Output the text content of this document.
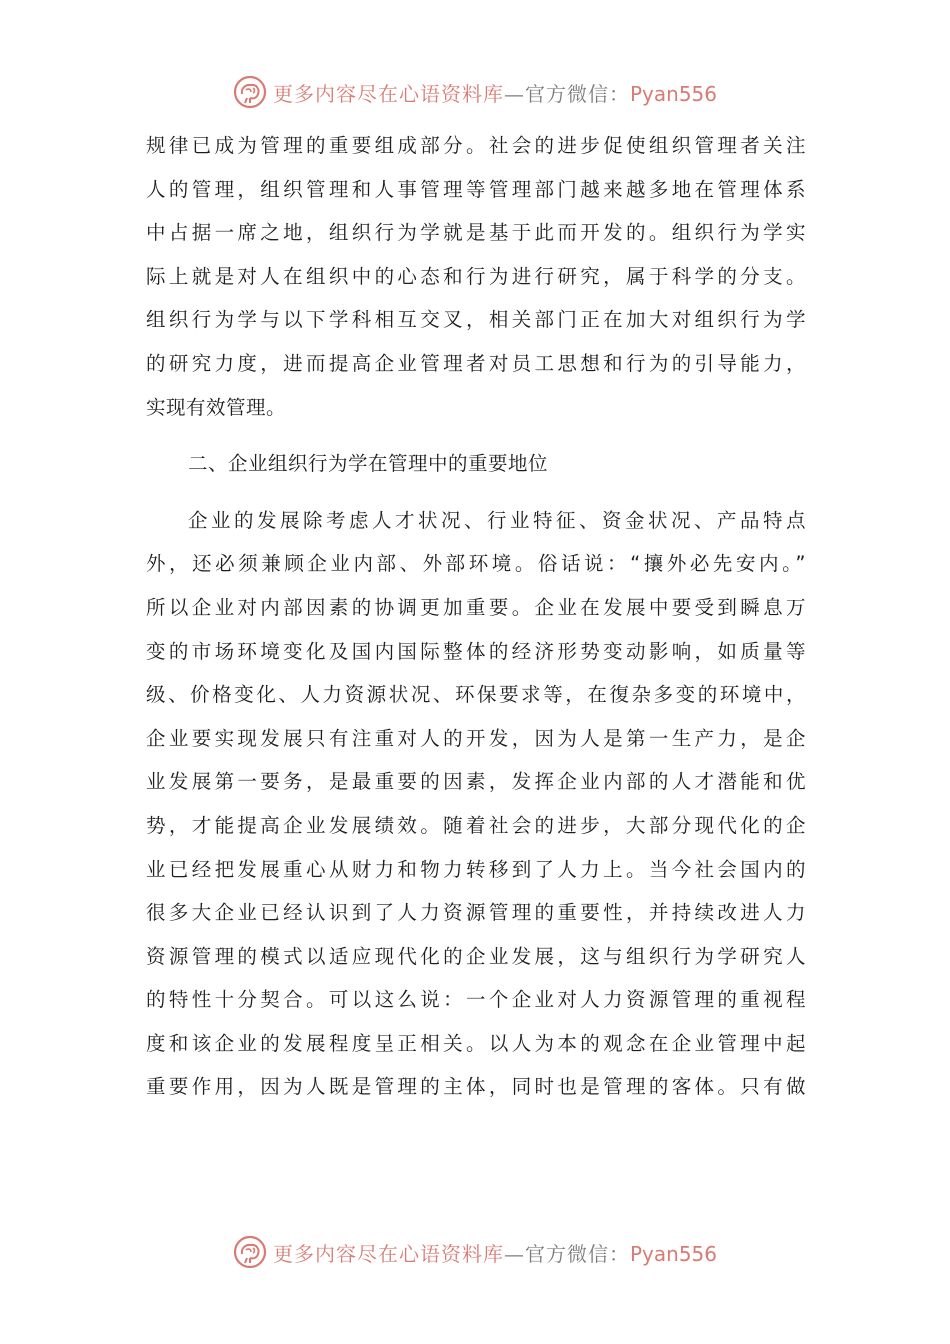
更多内容尽在心语资料库—官方微信：Pyan556
规律已成为管理的重要组成部分。社会的进步促使组织管理者关注
人的管理，组织管理和人事管理等管理部门越来越多地在管理体系
中占据一席之地，组织行为学就是基于此而开发的。组织行为学实
际上就是对人在组织中的心态和行为进行研究，属于科学的分支。
组织行为学与以下学科相互交叉，相关部门正在加大对组织行为学
的研究力度，进而提高企业管理者对员工思想和行为的引导能力，
实现有效管理。
二、企业组织行为学在管理中的重要地位
企业的发展除考虑人才状况、行业特征、资金状况、产品特点
外，还必须兼顾企业内部、外部环境。俗话说：“攘外必先安内。”
所以企业对内部因素的协调更加重要。企业在发展中要受到瞬息万
变的市场环境变化及国内国际整体的经济形势变动影响，如质量等
级、价格变化、人力资源状况、环保要求等，在復杂多变的环境中，
企业要实现发展只有注重对人的开发，因为人是第一生产力，是企
业发展第一要务，是最重要的因素，发挥企业内部的人才潜能和优
势，才能提高企业发展绩效。随着社会的进步，大部分现代化的企
业已经把发展重心从财力和物力转移到了人力上。当今社会国内的
很多大企业已经认识到了人力资源管理的重要性，并持续改进人力
资源管理的模式以适应现代化的企业发展，这与组织行为学研究人
的特性十分契合。可以这么说：一个企业对人力资源管理的重视程
度和该企业的发展程度呈正相关。以人为本的观念在企业管理中起
重要作用，因为人既是管理的主体，同时也是管理的客体。只有做
更多内容尽在心语资料库—官方微信：Pyan556
